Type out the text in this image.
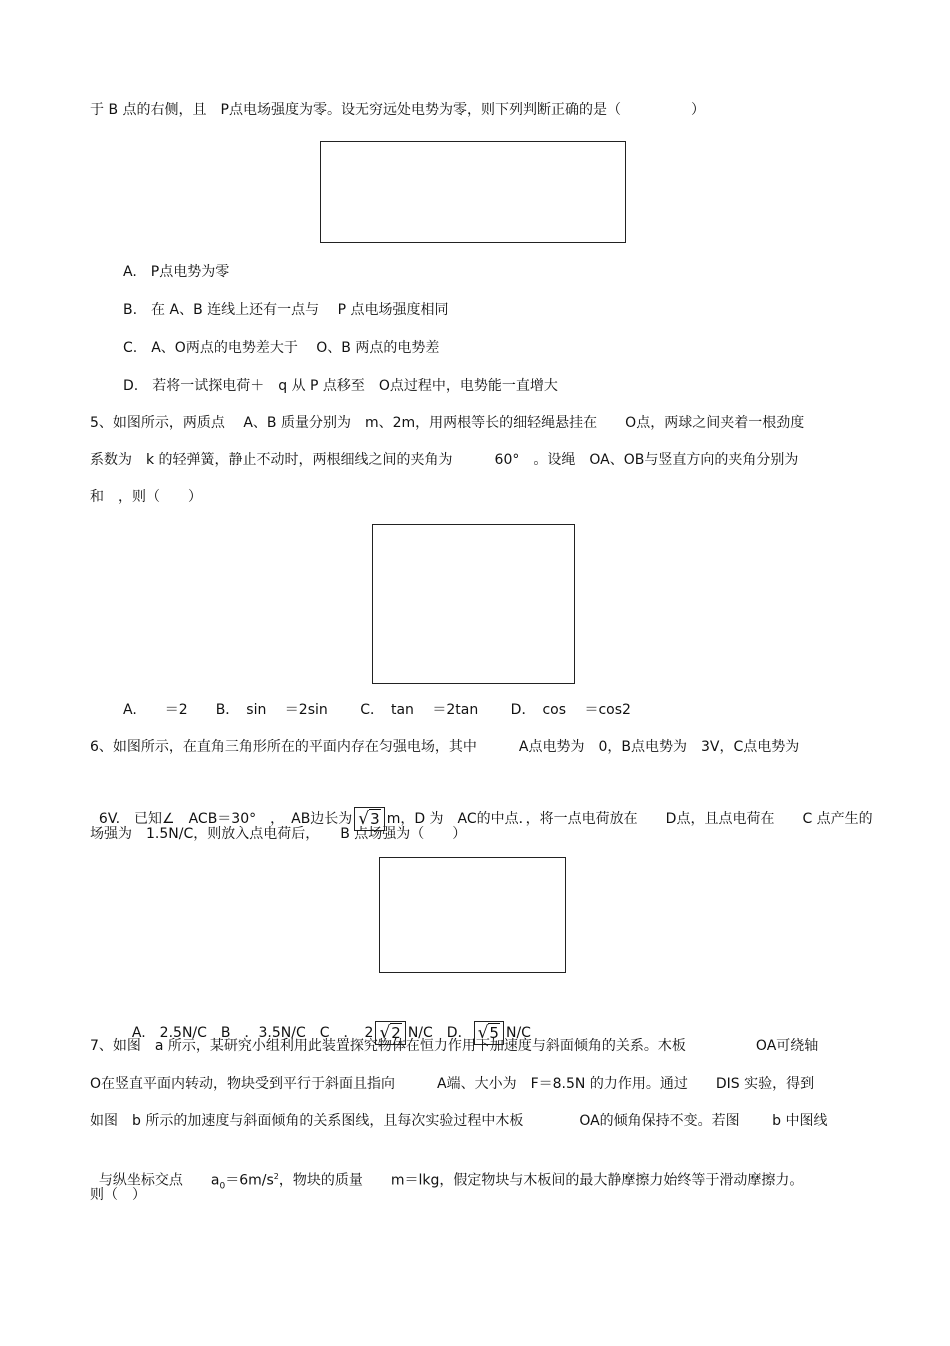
于 B 点的右侧，且　P点电场强度为零。设无穷远处电势为零，则下列判断正确的是（　　　　　）
A.　P点电势为零
B.　在 A、B 连线上还有一点与　 P 点电场强度相同
C.　A、O两点的电势差大于　 O、B 两点的电势差
D.　若将一试探电荷＋　q 从 P 点移至　O点过程中，电势能一直增大
5、如图所示，两质点　 A、B 质量分别为　m、2m，用两根等长的细轻绳悬挂在　　O点，两球之间夹着一根劲度
系数为　k 的轻弹簧，静止不动时，两根细线之间的夹角为　　　60°　。设绳　OA、OB与竖直方向的夹角分别为
和　，则（　　）
A.　　＝2　　B．　sin　 ＝2sin　　 C．　tan　 ＝2tan　　 D．　cos　 ＝cos2
6、如图所示，在直角三角形所在的平面内存在匀强电场，其中　　　A点电势为　0，B点电势为　3V，C点电势为

6V.　已知∠　ACB＝30°　，　AB边长为 √3 m，D 为　AC的中点．，将一点电荷放在　　D点，且点电荷在　　C 点产生的

场强为　1.5N/C，则放入点电荷后，　　B 点场强为（　　）

A.　2.5N/C　B　．3.5N/C　C　．　2 √2 N/C　D． √5 N/C

7、如图　a 所示，某研究小组利用此装置探究物体在恒力作用下加速度与斜面倾角的关系。木板　　　　　OA可绕轴
O在竖直平面内转动，物块受到平行于斜面且指向　　　A端、大小为　F＝8.5N 的力作用。通过　　DIS 实验，得到
如图　b 所示的加速度与斜面倾角的关系图线，且每次实验过程中木板　　　　OA的倾角保持不变。若图　　 b 中图线

与纵坐标交点　　$a_0=6m/s^2$，物块的质量　　m＝lkg，假定物块与木板间的最大静摩擦力始终等于滑动摩擦力。

则（　）
